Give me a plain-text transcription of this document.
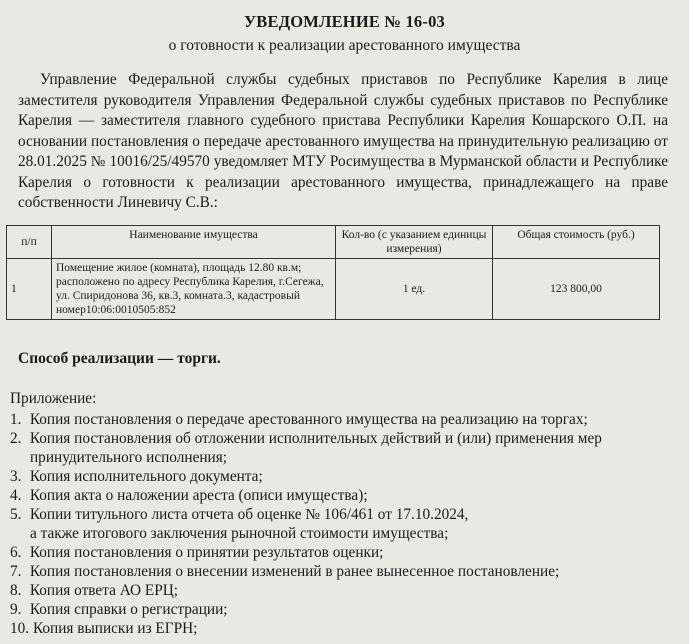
УВЕДОМЛЕНИЕ № 16-03
о готовности к реализации арестованного имущества
Управление Федеральной службы судебных приставов по Республике Карелия в лице заместителя руководителя Управления Федеральной службы судебных приставов по Республике Карелия — заместителя главного судебного пристава Республики Карелия Кошарского О.П. на основании постановления о передаче арестованного имущества на принудительную реализацию от 28.01.2025 № 10016/25/49570 уведомляет МТУ Росимущества в Мурманской области и Республике Карелия о готовности к реализации арестованного имущества, принадлежащего на праве собственности Линевичу С.В.:
п/п	Наименование имущества	Кол-во (с указанием единицы измерения)	Общая стоимость (руб.)
1	Помещение жилое (комната), площадь 12.80 кв.м; расположено по адресу Республика Карелия, г.Сегежа, ул. Спиридонова 36, кв.3, комната.3, кадастровый номер10:06:0010505:852	1 ед.	123 800,00
Способ реализации — торги.
Приложение:
1. Копия постановления о передаче арестованного имущества на реализацию на торгах;
2. Копия постановления об отложении исполнительных действий и (или) применения мер
принудительного исполнения;
3. Копия исполнительного документа;
4. Копия акта о наложении ареста (описи имущества);
5. Копии титульного листа отчета об оценке № 106/461 от 17.10.2024,
а также итогового заключения рыночной стоимости имущества;
6. Копия постановления о принятии результатов оценки;
7. Копия постановления о внесении изменений в ранее вынесенное постановление;
8. Копия ответа АО ЕРЦ;
9. Копия справки о регистрации;
10. Копия выписки из ЕГРН;
